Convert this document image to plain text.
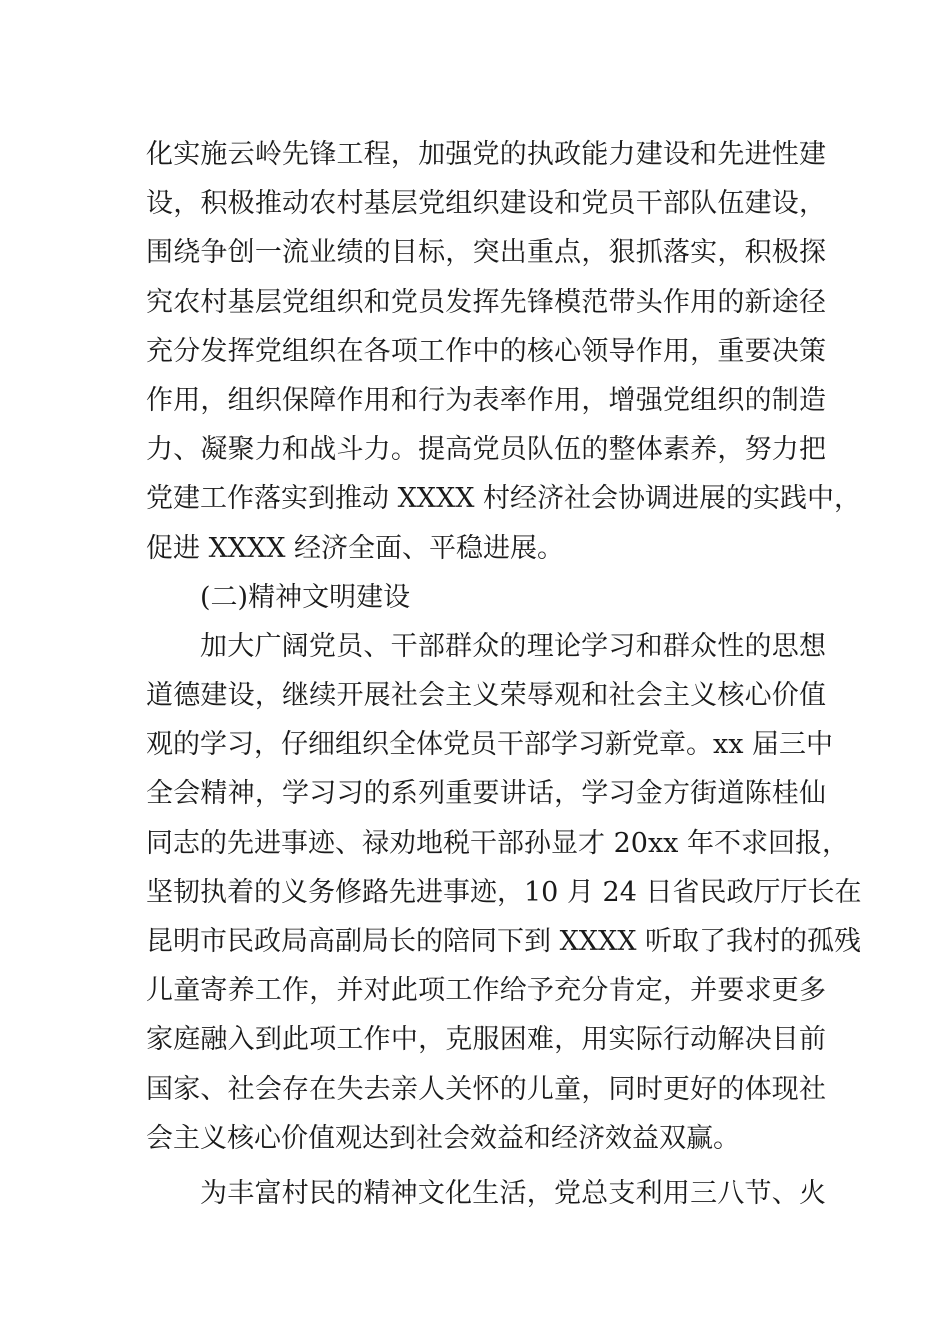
化实施云岭先锋工程，加强党的执政能力建设和先进性建
设，积极推动农村基层党组织建设和党员干部队伍建设，
围绕争创一流业绩的目标，突出重点，狠抓落实，积极探
究农村基层党组织和党员发挥先锋模范带头作用的新途径
充分发挥党组织在各项工作中的核心领导作用，重要决策
作用，组织保障作用和行为表率作用，增强党组织的制造
力、凝聚力和战斗力。提高党员队伍的整体素养，努力把
党建工作落实到推动 XXXX 村经济社会协调进展的实践中，
促进 XXXX 经济全面、平稳进展。
(二)精神文明建设
加大广阔党员、干部群众的理论学习和群众性的思想
道德建设，继续开展社会主义荣辱观和社会主义核心价值
观的学习，仔细组织全体党员干部学习新党章。xx 届三中
全会精神，学习习的系列重要讲话，学习金方街道陈桂仙
同志的先进事迹、禄劝地税干部孙显才 20xx 年不求回报，
坚韧执着的义务修路先进事迹，10 月 24 日省民政厅厅长在
昆明市民政局高副局长的陪同下到 XXXX 听取了我村的孤残
儿童寄养工作，并对此项工作给予充分肯定，并要求更多
家庭融入到此项工作中，克服困难，用实际行动解决目前
国家、社会存在失去亲人关怀的儿童，同时更好的体现社
会主义核心价值观达到社会效益和经济效益双赢。
为丰富村民的精神文化生活，党总支利用三八节、火
